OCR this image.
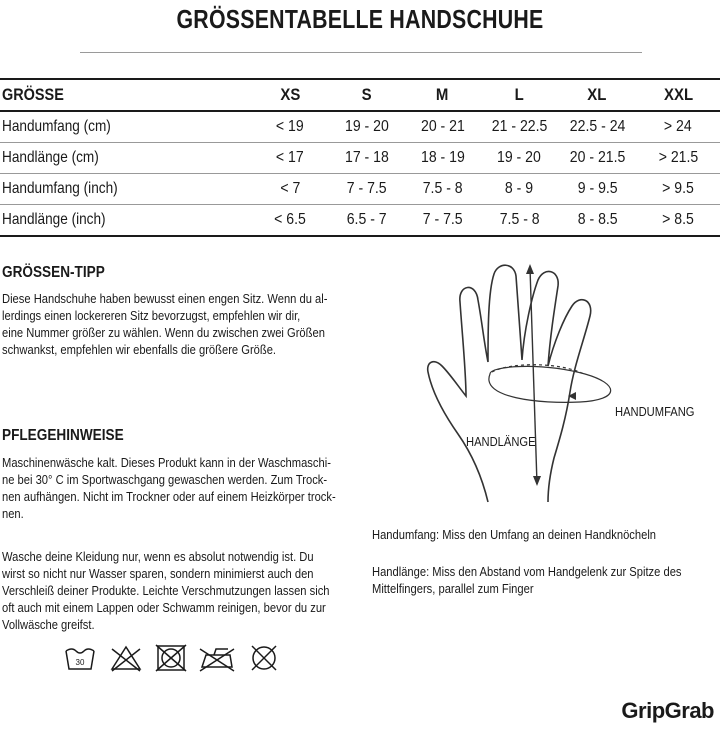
GRÖSSENTABELLE HANDSCHUHE
GRÖSSE	XS	S	M	L	XL	XXL
Handumfang (cm)	< 19	19 - 20	20 - 21	21 - 22.5	22.5 - 24	> 24
Handlänge (cm)	< 17	17 - 18	18 - 19	19 - 20	20 - 21.5	> 21.5
Handumfang (inch)	< 7	7 - 7.5	7.5 - 8	8 - 9	9 - 9.5	> 9.5
Handlänge (inch)	< 6.5	6.5 - 7	7 - 7.5	7.5 - 8	8 - 8.5	> 8.5
GRÖSSEN-TIPP
Diese Handschuhe haben bewusst einen engen Sitz. Wenn du al-
lerdings einen lockereren Sitz bevorzugst, empfehlen wir dir,
eine Nummer größer zu wählen. Wenn du zwischen zwei Größen
schwankst, empfehlen wir ebenfalls die größere Größe.
PFLEGEHINWEISE
Maschinenwäsche kalt. Dieses Produkt kann in der Waschmaschi-
ne bei 30° C im Sportwaschgang gewaschen werden. Zum Trock-
nen aufhängen. Nicht im Trockner oder auf einem Heizkörper trock-
nen.
Wasche deine Kleidung nur, wenn es absolut notwendig ist. Du
wirst so nicht nur Wasser sparen, sondern minimierst auch den
Verschleiß deiner Produkte. Leichte Verschmutzungen lassen sich
oft auch mit einem Lappen oder Schwamm reinigen, bevor du zur
Vollwäsche greifst.
30
HANDUMFANG
HANDLÄNGE
Handumfang: Miss den Umfang an deinen Handknöcheln
Handlänge: Miss den Abstand vom Handgelenk zur Spitze des
Mittelfingers, parallel zum Finger
GripGrab
